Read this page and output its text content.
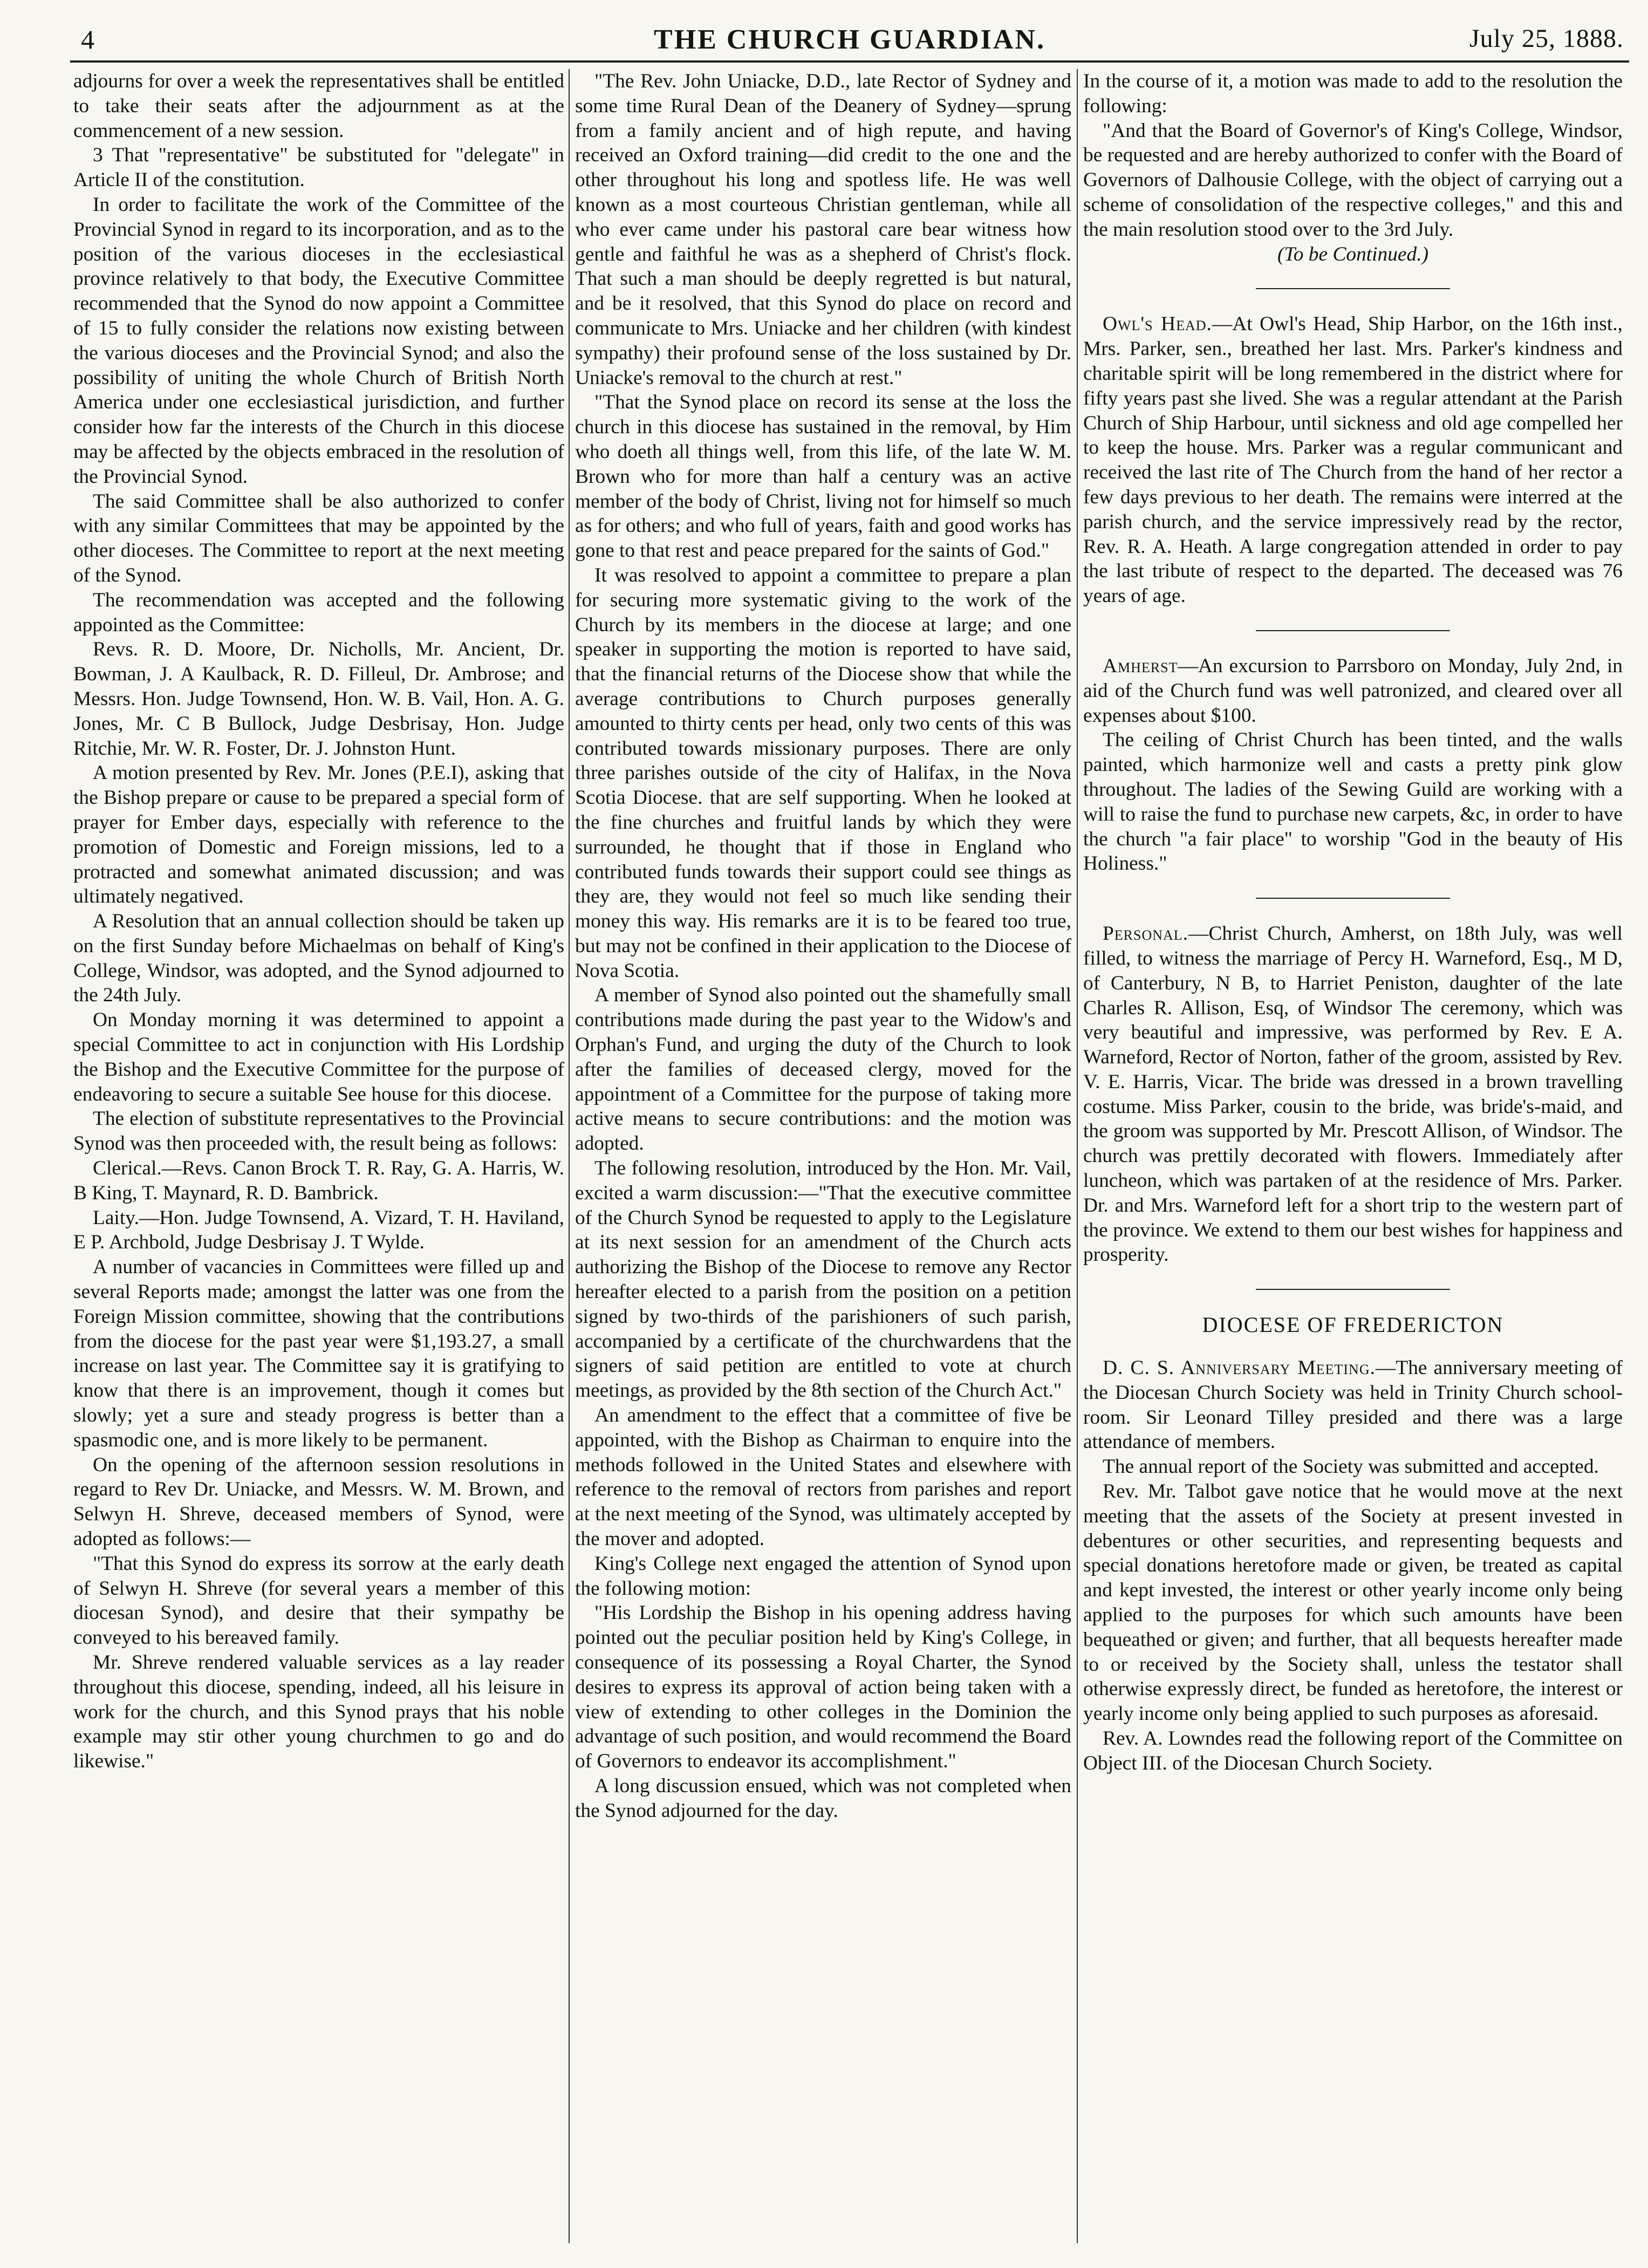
4	THE CHURCH GUARDIAN.	July 25, 1888.

adjourns for over a week the representatives shall be entitled to take their seats after the adjournment as at the commencement of a new session.

3 That "representative" be substituted for "delegate" in Article II of the constitution.

In order to facilitate the work of the Committee of the Provincial Synod in regard to its incorporation, and as to the position of the various dioceses in the ecclesiastical province relatively to that body, the Executive Committee recommended that the Synod do now appoint a Committee of 15 to fully consider the relations now existing between the various dioceses and the Provincial Synod; and also the possibility of uniting the whole Church of British North America under one ecclesiastical jurisdiction, and further consider how far the interests of the Church in this diocese may be affected by the objects embraced in the resolution of the Provincial Synod.

The said Committee shall be also authorized to confer with any similar Committees that may be appointed by the other dioceses. The Committee to report at the next meeting of the Synod.

The recommendation was accepted and the following appointed as the Committee:

Revs. R. D. Moore, Dr. Nicholls, Mr. Ancient, Dr. Bowman, J. A Kaulback, R. D. Filleul, Dr. Ambrose; and Messrs. Hon. Judge Townsend, Hon. W. B. Vail, Hon. A. G. Jones, Mr. C B Bullock, Judge Desbrisay, Hon. Judge Ritchie, Mr. W. R. Foster, Dr. J. Johnston Hunt.

A motion presented by Rev. Mr. Jones (P.E.I), asking that the Bishop prepare or cause to be prepared a special form of prayer for Ember days, especially with reference to the promotion of Domestic and Foreign missions, led to a protracted and somewhat animated discussion; and was ultimately negatived.

A Resolution that an annual collection should be taken up on the first Sunday before Michaelmas on behalf of King's College, Windsor, was adopted, and the Synod adjourned to the 24th July.

On Monday morning it was determined to appoint a special Committee to act in conjunction with His Lordship the Bishop and the Executive Committee for the purpose of endeavoring to secure a suitable See house for this diocese.

The election of substitute representatives to the Provincial Synod was then proceeded with, the result being as follows:

Clerical.—Revs. Canon Brock T. R. Ray, G. A. Harris, W. B King, T. Maynard, R. D. Bambrick.

Laity.—Hon. Judge Townsend, A. Vizard, T. H. Haviland, E P. Archbold, Judge Desbrisay J. T Wylde.

A number of vacancies in Committees were filled up and several Reports made; amongst the latter was one from the Foreign Mission committee, showing that the contributions from the diocese for the past year were $1,193.27, a small increase on last year. The Committee say it is gratifying to know that there is an improvement, though it comes but slowly; yet a sure and steady progress is better than a spasmodic one, and is more likely to be permanent.

On the opening of the afternoon session resolutions in regard to Rev Dr. Uniacke, and Messrs. W. M. Brown, and Selwyn H. Shreve, deceased members of Synod, were adopted as follows:—

"That this Synod do express its sorrow at the early death of Selwyn H. Shreve (for several years a member of this diocesan Synod), and desire that their sympathy be conveyed to his bereaved family.

Mr. Shreve rendered valuable services as a lay reader throughout this diocese, spending, indeed, all his leisure in work for the church, and this Synod prays that his noble example may stir other young churchmen to go and do likewise."

"The Rev. John Uniacke, D.D., late Rector of Sydney and some time Rural Dean of the Deanery of Sydney—sprung from a family ancient and of high repute, and having received an Oxford training—did credit to the one and the other throughout his long and spotless life. He was well known as a most courteous Christian gentleman, while all who ever came under his pastoral care bear witness how gentle and faithful he was as a shepherd of Christ's flock. That such a man should be deeply regretted is but natural, and be it resolved, that this Synod do place on record and communicate to Mrs. Uniacke and her children (with kindest sympathy) their profound sense of the loss sustained by Dr. Uniacke's removal to the church at rest."

"That the Synod place on record its sense at the loss the church in this diocese has sustained in the removal, by Him who doeth all things well, from this life, of the late W. M. Brown who for more than half a century was an active member of the body of Christ, living not for himself so much as for others; and who full of years, faith and good works has gone to that rest and peace prepared for the saints of God."

It was resolved to appoint a committee to prepare a plan for securing more systematic giving to the work of the Church by its members in the diocese at large; and one speaker in supporting the motion is reported to have said, that the financial returns of the Diocese show that while the average contributions to Church purposes generally amounted to thirty cents per head, only two cents of this was contributed towards missionary purposes. There are only three parishes outside of the city of Halifax, in the Nova Scotia Diocese. that are self supporting. When he looked at the fine churches and fruitful lands by which they were surrounded, he thought that if those in England who contributed funds towards their support could see things as they are, they would not feel so much like sending their money this way. His remarks are it is to be feared too true, but may not be confined in their application to the Diocese of Nova Scotia.

A member of Synod also pointed out the shamefully small contributions made during the past year to the Widow's and Orphan's Fund, and urging the duty of the Church to look after the families of deceased clergy, moved for the appointment of a Committee for the purpose of taking more active means to secure contributions: and the motion was adopted.

The following resolution, introduced by the Hon. Mr. Vail, excited a warm discussion:—"That the executive committee of the Church Synod be requested to apply to the Legislature at its next session for an amendment of the Church acts authorizing the Bishop of the Diocese to remove any Rector hereafter elected to a parish from the position on a petition signed by two-thirds of the parishioners of such parish, accompanied by a certificate of the churchwardens that the signers of said petition are entitled to vote at church meetings, as provided by the 8th section of the Church Act."

An amendment to the effect that a committee of five be appointed, with the Bishop as Chairman to enquire into the methods followed in the United States and elsewhere with reference to the removal of rectors from parishes and report at the next meeting of the Synod, was ultimately accepted by the mover and adopted.

King's College next engaged the attention of Synod upon the following motion:

"His Lordship the Bishop in his opening address having pointed out the peculiar position held by King's College, in consequence of its possessing a Royal Charter, the Synod desires to express its approval of action being taken with a view of extending to other colleges in the Dominion the advantage of such position, and would recommend the Board of Governors to endeavor its accomplishment."

A long discussion ensued, which was not completed when the Synod adjourned for the day.

In the course of it, a motion was made to add to the resolution the following:

"And that the Board of Governor's of King's College, Windsor, be requested and are hereby authorized to confer with the Board of Governors of Dalhousie College, with the object of carrying out a scheme of consolidation of the respective colleges," and this and the main resolution stood over to the 3rd July.

(To be Continued.)

Owl's Head.—At Owl's Head, Ship Harbor, on the 16th inst., Mrs. Parker, sen., breathed her last. Mrs. Parker's kindness and charitable spirit will be long remembered in the district where for fifty years past she lived. She was a regular attendant at the Parish Church of Ship Harbour, until sickness and old age compelled her to keep the house. Mrs. Parker was a regular communicant and received the last rite of The Church from the hand of her rector a few days previous to her death. The remains were interred at the parish church, and the service impressively read by the rector, Rev. R. A. Heath. A large congregation attended in order to pay the last tribute of respect to the departed. The deceased was 76 years of age.

Amherst—An excursion to Parrsboro on Monday, July 2nd, in aid of the Church fund was well patronized, and cleared over all expenses about $100.

The ceiling of Christ Church has been tinted, and the walls painted, which harmonize well and casts a pretty pink glow throughout. The ladies of the Sewing Guild are working with a will to raise the fund to purchase new carpets, &c, in order to have the church "a fair place" to worship "God in the beauty of His Holiness."

Personal.—Christ Church, Amherst, on 18th July, was well filled, to witness the marriage of Percy H. Warneford, Esq., M D, of Canterbury, N B, to Harriet Peniston, daughter of the late Charles R. Allison, Esq, of Windsor The ceremony, which was very beautiful and impressive, was performed by Rev. E A. Warneford, Rector of Norton, father of the groom, assisted by Rev. V. E. Harris, Vicar. The bride was dressed in a brown travelling costume. Miss Parker, cousin to the bride, was bride's-maid, and the groom was supported by Mr. Prescott Allison, of Windsor. The church was prettily decorated with flowers. Immediately after luncheon, which was partaken of at the residence of Mrs. Parker. Dr. and Mrs. Warneford left for a short trip to the western part of the province. We extend to them our best wishes for happiness and prosperity.

DIOCESE OF FREDERICTON

D. C. S. Anniversary Meeting.—The anniversary meeting of the Diocesan Church Society was held in Trinity Church school-room. Sir Leonard Tilley presided and there was a large attendance of members.

The annual report of the Society was submitted and accepted.

Rev. Mr. Talbot gave notice that he would move at the next meeting that the assets of the Society at present invested in debentures or other securities, and representing bequests and special donations heretofore made or given, be treated as capital and kept invested, the interest or other yearly income only being applied to the purposes for which such amounts have been bequeathed or given; and further, that all bequests hereafter made to or received by the Society shall, unless the testator shall otherwise expressly direct, be funded as heretofore, the interest or yearly income only being applied to such purposes as aforesaid.

Rev. A. Lowndes read the following report of the Committee on Object III. of the Diocesan Church Society.
